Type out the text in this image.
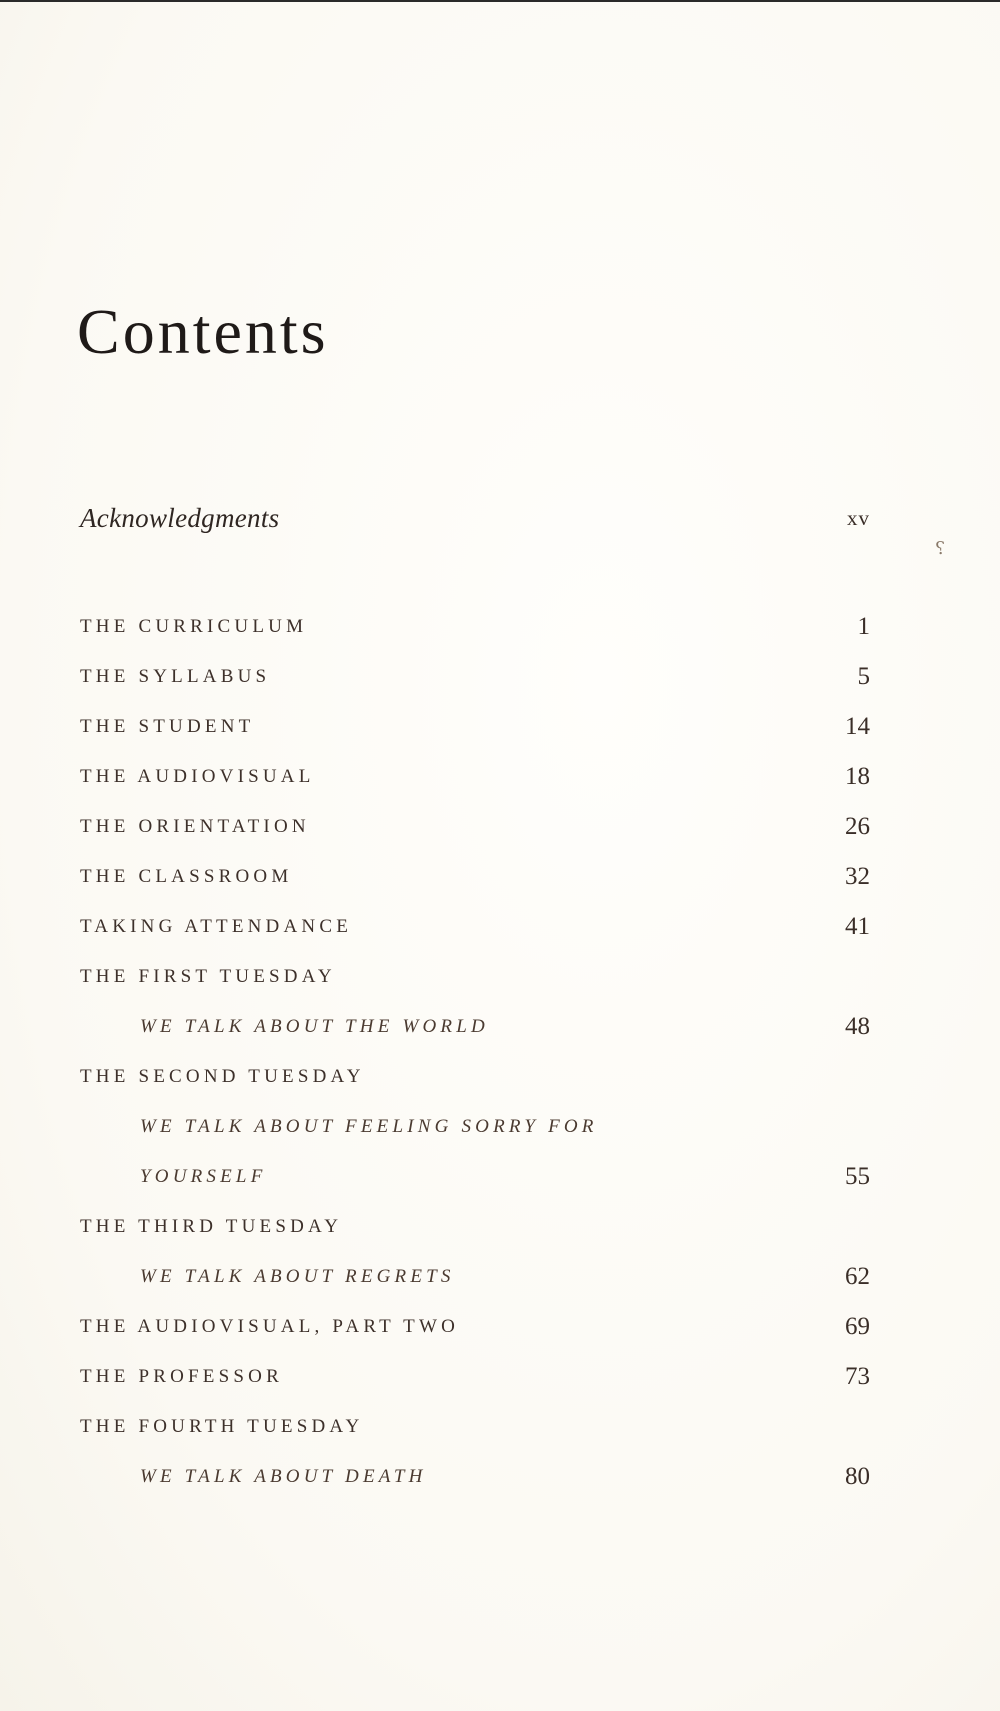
Contents
Acknowledgments	xv
THE CURRICULUM	1
THE SYLLABUS	5
THE STUDENT	14
THE AUDIOVISUAL	18
THE ORIENTATION	26
THE CLASSROOM	32
TAKING ATTENDANCE	41
THE FIRST TUESDAY
WE TALK ABOUT THE WORLD	48
THE SECOND TUESDAY
WE TALK ABOUT FEELING SORRY FOR
YOURSELF	55
THE THIRD TUESDAY
WE TALK ABOUT REGRETS	62
THE AUDIOVISUAL, PART TWO	69
THE PROFESSOR	73
THE FOURTH TUESDAY
WE TALK ABOUT DEATH	80
⸮
